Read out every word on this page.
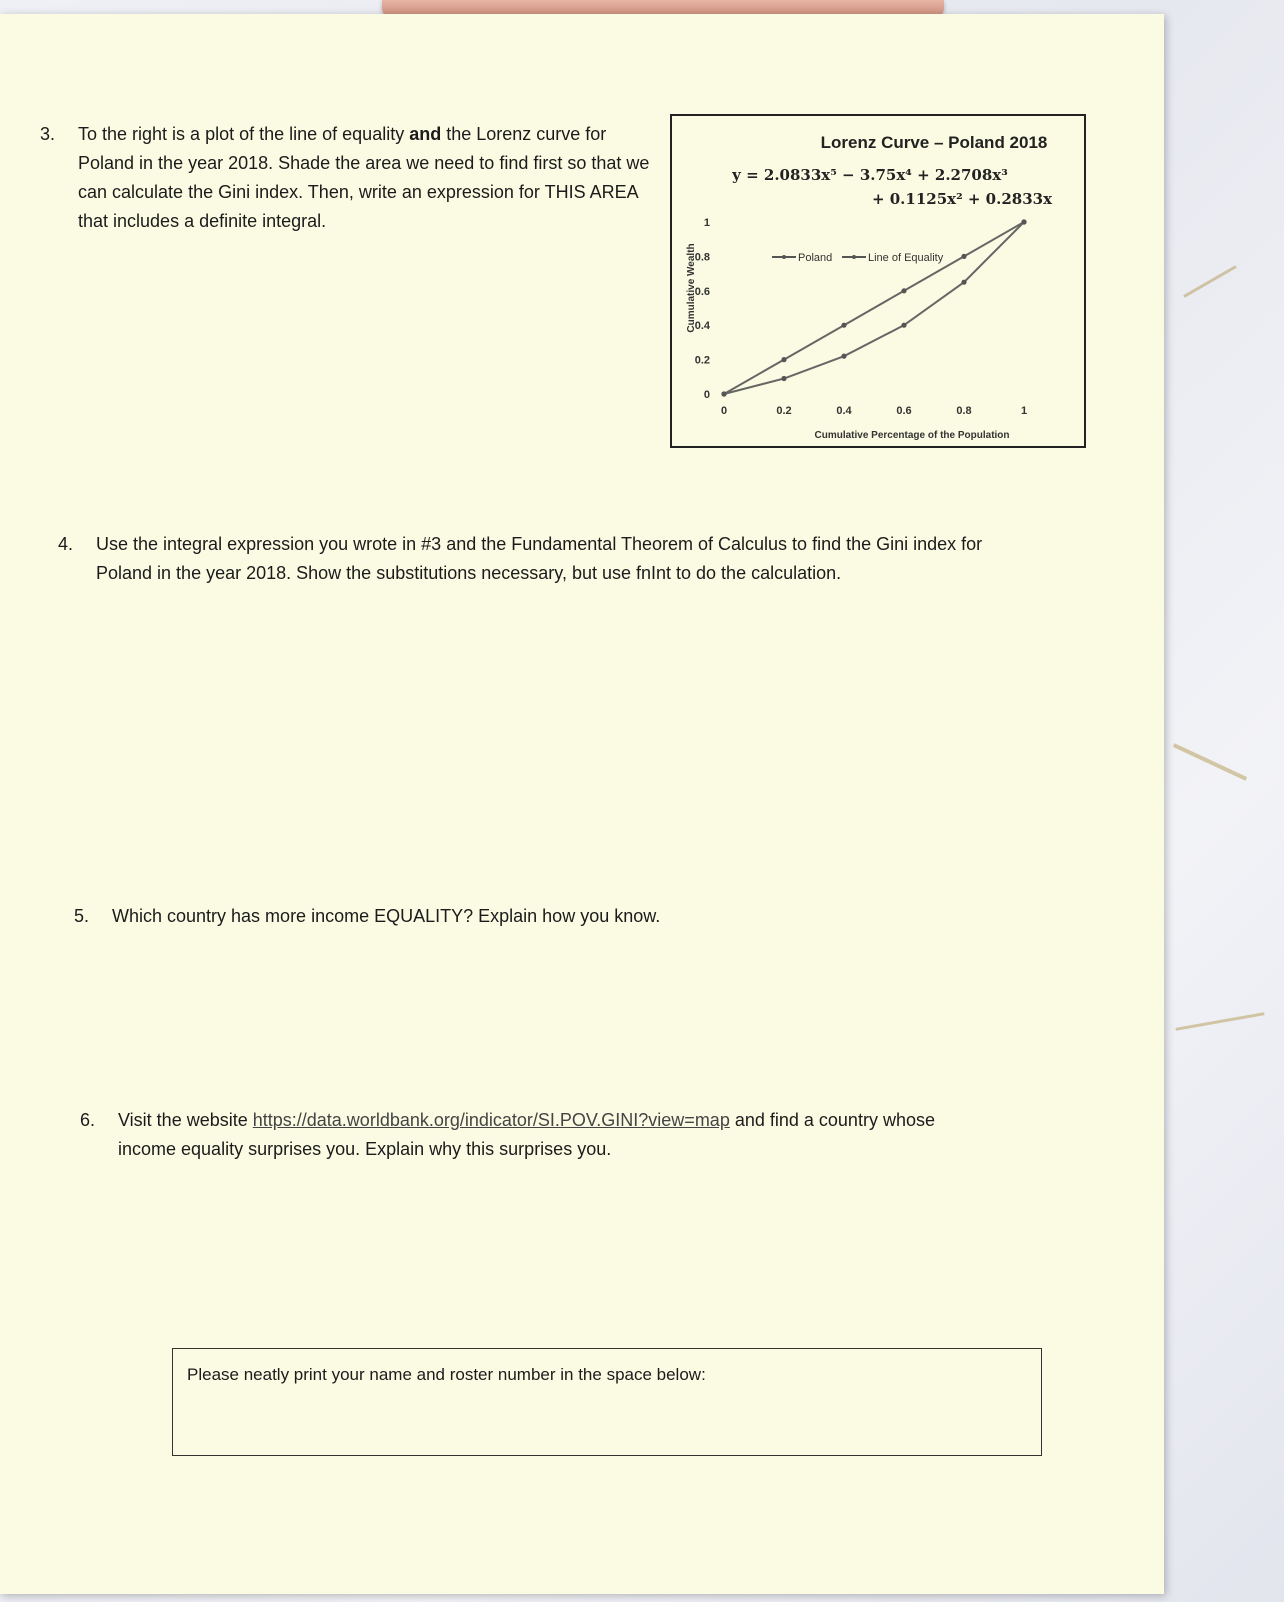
3. To the right is a plot of the line of equality and the Lorenz curve for Poland in the year 2018. Shade the area we need to find first so that we can calculate the Gini index. Then, write an expression for THIS AREA that includes a definite integral.
Lorenz Curve – Poland 2018
y = 2.0833x⁵ − 3.75x⁴ + 2.2708x³
+ 0.1125x² + 0.2833x
Cumulative Wealth
Cumulative Percentage of the Population
Poland	Line of Equality
0	0.2	0.4	0.6	0.8	1
0
0.2
0.4
0.6
0.8
1
4. Use the integral expression you wrote in #3 and the Fundamental Theorem of Calculus to find the Gini index for Poland in the year 2018. Show the substitutions necessary, but use fnInt to do the calculation.
5. Which country has more income EQUALITY? Explain how you know.
6. Visit the website https://data.worldbank.org/indicator/SI.POV.GINI?view=map and find a country whose income equality surprises you. Explain why this surprises you.
Please neatly print your name and roster number in the space below:
